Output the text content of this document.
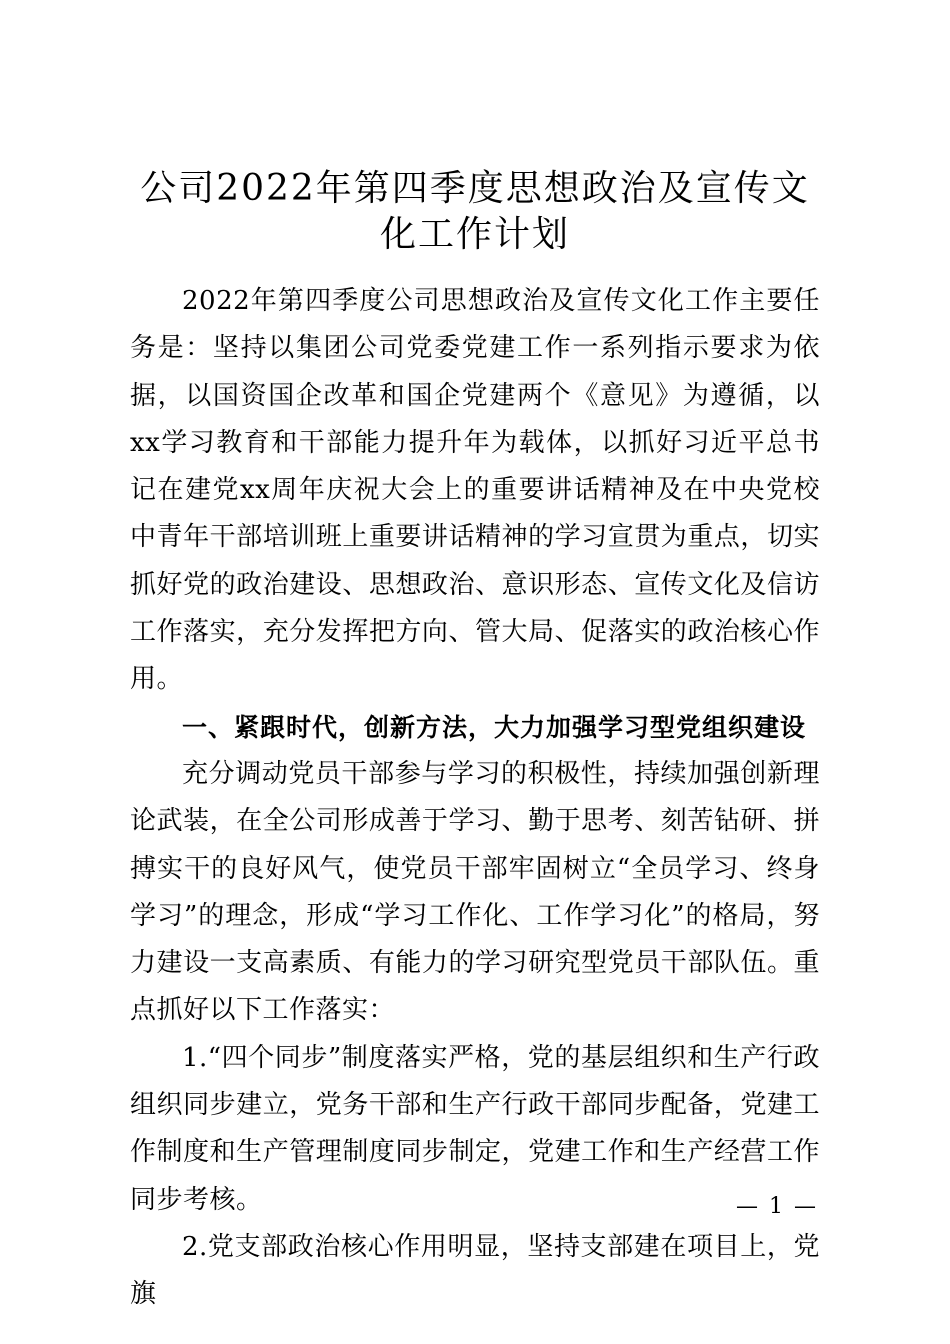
公司2022年第四季度思想政治及宣传文化工作计划

2022年第四季度公司思想政治及宣传文化工作主要任务是：坚持以集团公司党委党建工作一系列指示要求为依据，以国资国企改革和国企党建两个《意见》为遵循，以xx学习教育和干部能力提升年为载体，以抓好习近平总书记在建党xx周年庆祝大会上的重要讲话精神及在中央党校中青年干部培训班上重要讲话精神的学习宣贯为重点，切实抓好党的政治建设、思想政治、意识形态、宣传文化及信访工作落实，充分发挥把方向、管大局、促落实的政治核心作用。

一、紧跟时代，创新方法，大力加强学习型党组织建设

充分调动党员干部参与学习的积极性，持续加强创新理论武装，在全公司形成善于学习、勤于思考、刻苦钻研、拼搏实干的良好风气，使党员干部牢固树立“全员学习、终身学习”的理念，形成“学习工作化、工作学习化”的格局，努力建设一支高素质、有能力的学习研究型党员干部队伍。重点抓好以下工作落实：

1.“四个同步”制度落实严格，党的基层组织和生产行政组织同步建立，党务干部和生产行政干部同步配备，党建工作制度和生产管理制度同步制定，党建工作和生产经营工作同步考核。

2.党支部政治核心作用明显，坚持支部建在项目上，党旗

— 1 —
